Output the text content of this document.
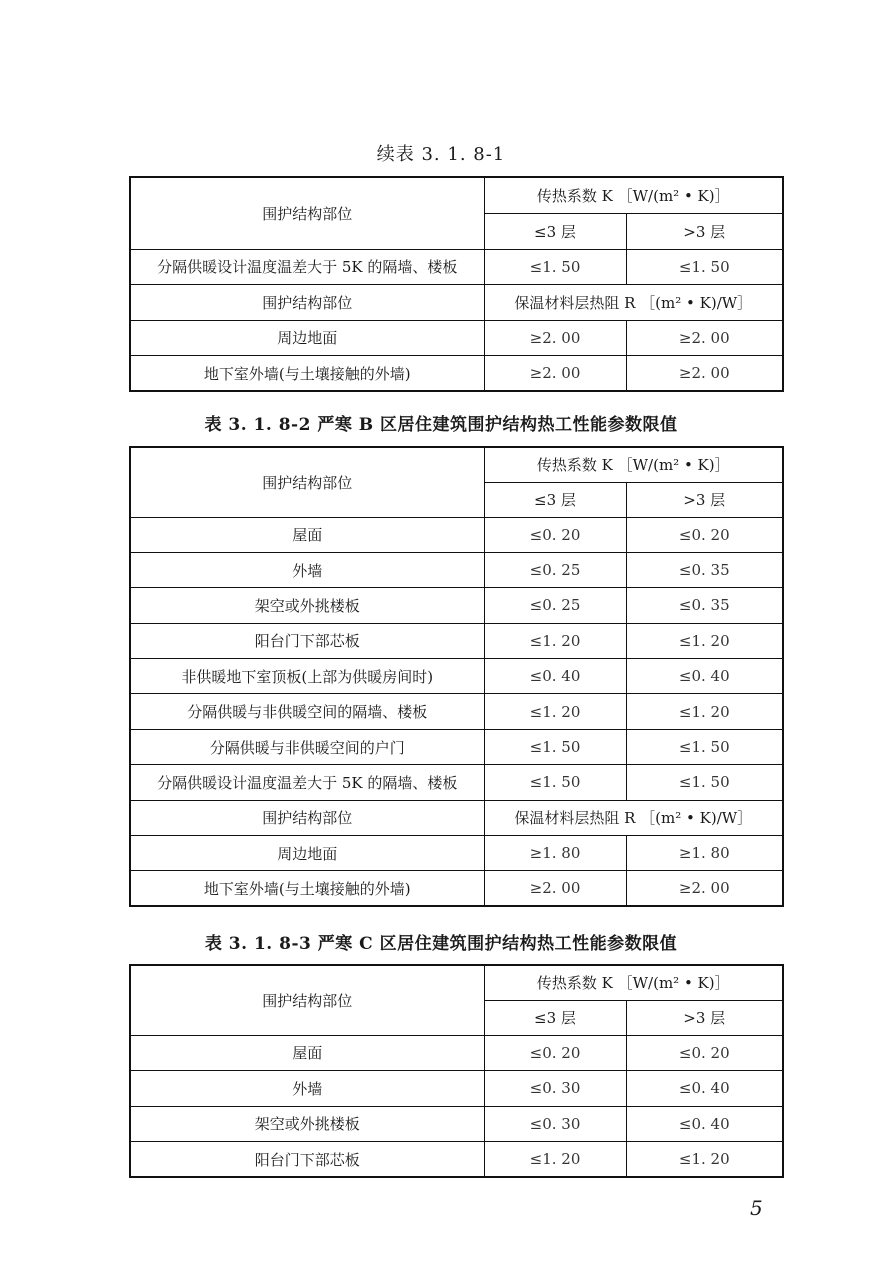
续表 3. 1. 8-1
围护结构部位	传热系数 K ［W/(m² • K)］	
	≤3 层	>3 层
分隔供暖设计温度温差大于 5K 的隔墙、楼板	≤1. 50	≤1. 50
围护结构部位	保温材料层热阻 R ［(m² • K)/W］	
周边地面	≥2. 00	≥2. 00
地下室外墙(与土壤接触的外墙)	≥2. 00	≥2. 00
表 3. 1. 8-2 严寒 B 区居住建筑围护结构热工性能参数限值
围护结构部位	传热系数 K ［W/(m² • K)］	
	≤3 层	>3 层
屋面	≤0. 20	≤0. 20
外墙	≤0. 25	≤0. 35
架空或外挑楼板	≤0. 25	≤0. 35
阳台门下部芯板	≤1. 20	≤1. 20
非供暖地下室顶板(上部为供暖房间时)	≤0. 40	≤0. 40
分隔供暖与非供暖空间的隔墙、楼板	≤1. 20	≤1. 20
分隔供暖与非供暖空间的户门	≤1. 50	≤1. 50
分隔供暖设计温度温差大于 5K 的隔墙、楼板	≤1. 50	≤1. 50
围护结构部位	保温材料层热阻 R ［(m² • K)/W］	
周边地面	≥1. 80	≥1. 80
地下室外墙(与土壤接触的外墙)	≥2. 00	≥2. 00
表 3. 1. 8-3 严寒 C 区居住建筑围护结构热工性能参数限值
围护结构部位	传热系数 K ［W/(m² • K)］	
	≤3 层	>3 层
屋面	≤0. 20	≤0. 20
外墙	≤0. 30	≤0. 40
架空或外挑楼板	≤0. 30	≤0. 40
阳台门下部芯板	≤1. 20	≤1. 20
5
